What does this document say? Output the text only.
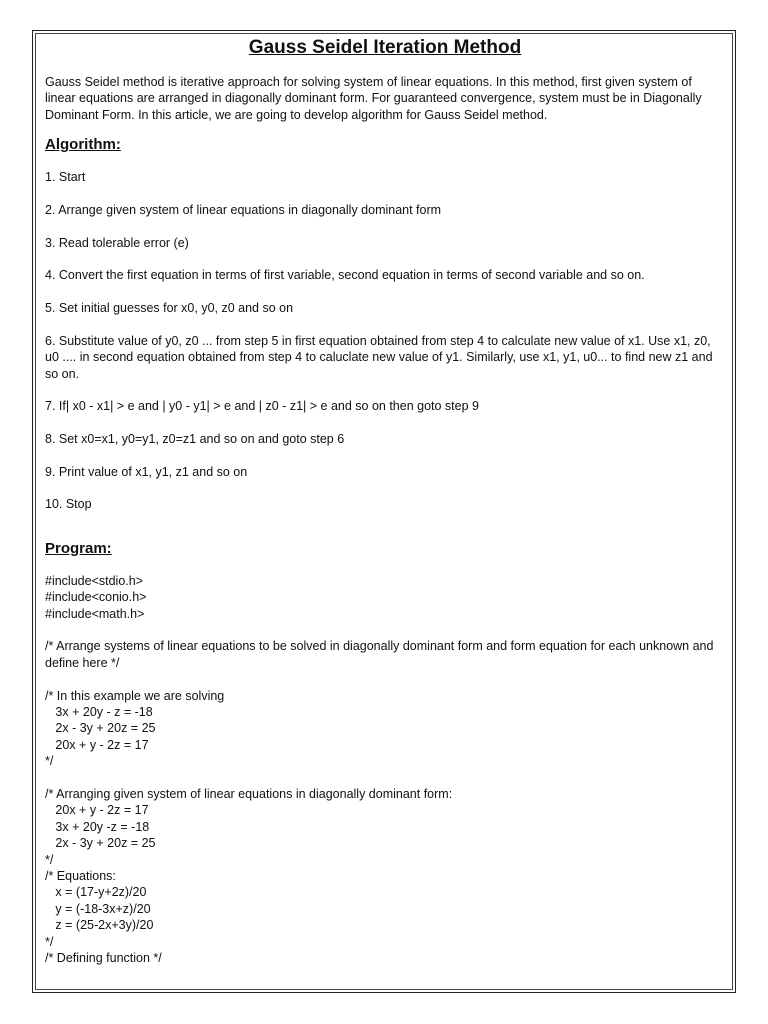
Gauss Seidel Iteration Method

Gauss Seidel method is iterative approach for solving system of linear equations. In this method, first given system of linear equations are arranged in diagonally dominant form. For guaranteed convergence, system must be in Diagonally Dominant Form. In this article, we are going to develop algorithm for Gauss Seidel method.

Algorithm:
1. Start
2. Arrange given system of linear equations in diagonally dominant form
3. Read tolerable error (e)
4. Convert the first equation in terms of first variable, second equation in terms of second variable and so on.
5. Set initial guesses for x0, y0, z0 and so on
6. Substitute value of y0, z0 ... from step 5 in first equation obtained from step 4 to calculate new value of x1. Use x1, z0, u0 .... in second equation obtained from step 4 to caluclate new value of y1. Similarly, use x1, y1, u0... to find new z1 and so on.
7. If| x0 - x1| > e and | y0 - y1| > e and | z0 - z1| > e and so on then goto step 9
8. Set x0=x1, y0=y1, z0=z1 and so on and goto step 6
9. Print value of x1, y1, z1 and so on
10. Stop
Program:
#include<stdio.h>
#include<conio.h>
#include<math.h>

/* Arrange systems of linear equations to be solved in diagonally dominant form and form equation for each unknown and define here */

/* In this example we are solving
3x + 20y - z = -18
2x - 3y + 20z = 25
20x + y - 2z = 17
*/

/* Arranging given system of linear equations in diagonally dominant form:
20x + y - 2z = 17
3x + 20y -z = -18
2x - 3y + 20z = 25
*/
/* Equations:
x = (17-y+2z)/20
y = (-18-3x+z)/20
z = (25-2x+3y)/20
*/
/* Defining function */
